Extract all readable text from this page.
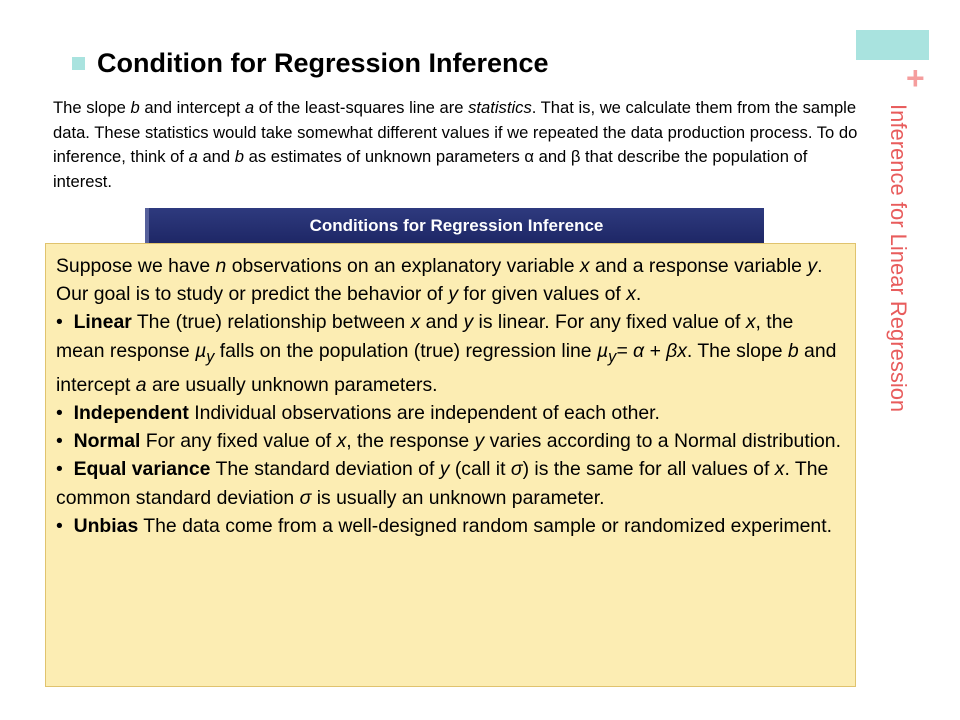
+
Inference for Linear Regression
Condition for Regression Inference
The slope b and intercept a of the least-squares line are statistics. That is, we calculate them from the sample data. These statistics would take somewhat different values if we repeated the data production process. To do inference, think of a and b as estimates of unknown parameters α and β that describe the population of interest.
Conditions for Regression Inference

Suppose we have n observations on an explanatory variable x and a response variable y. Our goal is to study or predict the behavior of y for given values of x.

• Linear The (true) relationship between x and y is linear. For any fixed value of x, the mean response µ$_y$ falls on the population (true) regression line µ$_y$= α + βx. The slope b and intercept a are usually unknown parameters.

• Independent Individual observations are independent of each other.

• Normal For any fixed value of x, the response y varies according to a Normal distribution.

• Equal variance The standard deviation of y (call it σ) is the same for all values of x. The common standard deviation σ is usually an unknown parameter.

• Unbias The data come from a well-designed random sample or randomized experiment.
